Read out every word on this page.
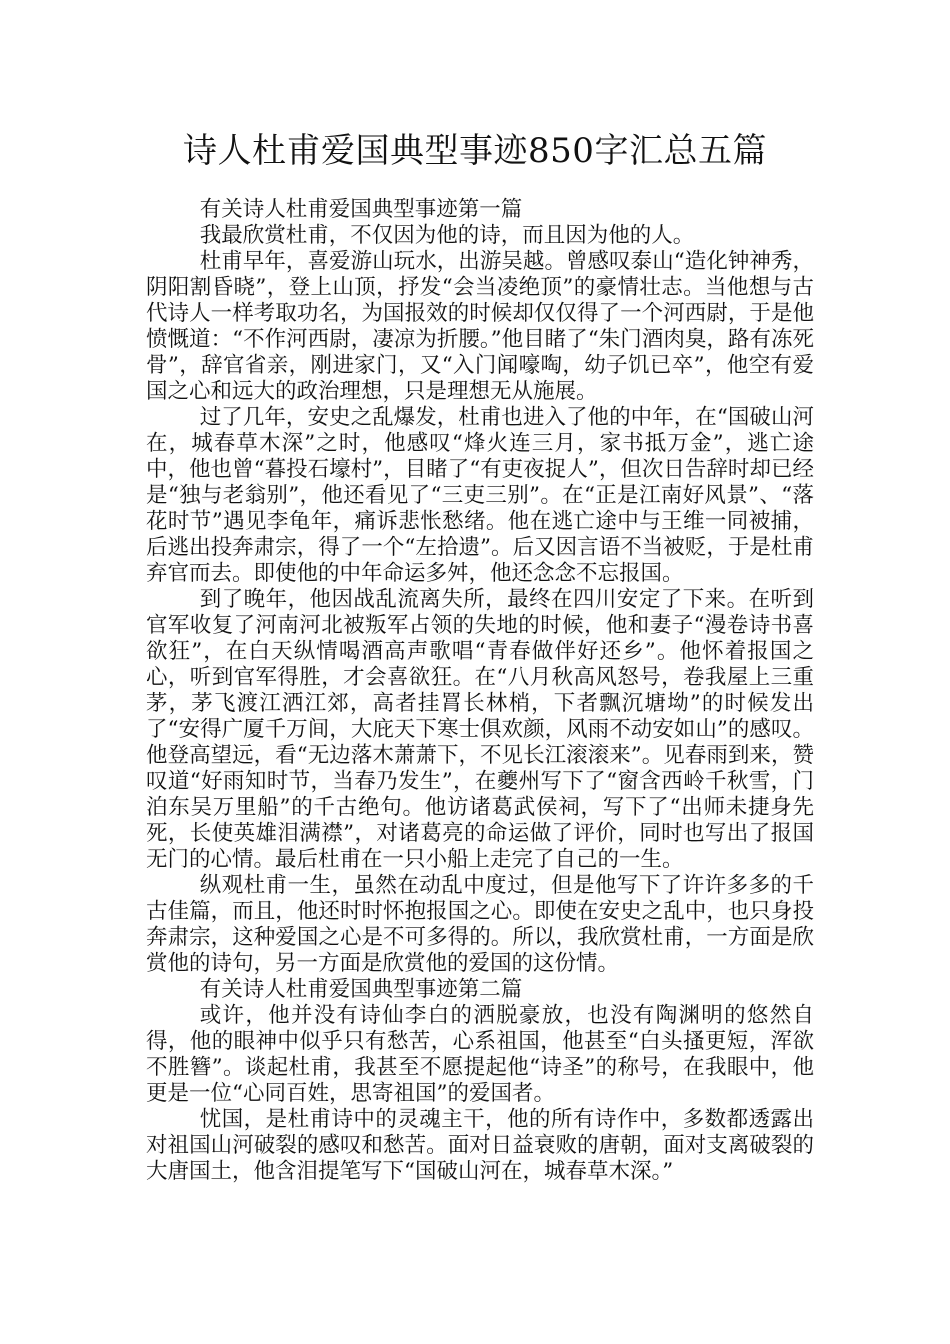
诗人杜甫爱国典型事迹850字汇总五篇

有关诗人杜甫爱国典型事迹第一篇

我最欣赏杜甫，不仅因为他的诗，而且因为他的人。

杜甫早年，喜爱游山玩水，出游吴越。曾感叹泰山“造化钟神秀，阴阳割昏晓”，登上山顶，抒发“会当凌绝顶”的豪情壮志。当他想与古代诗人一样考取功名，为国报效的时候却仅仅得了一个河西尉，于是他愤慨道：“不作河西尉，凄凉为折腰。”他目睹了“朱门酒肉臭，路有冻死骨”，辞官省亲，刚进家门，又“入门闻嚎啕，幼子饥已卒”，他空有爱国之心和远大的政治理想，只是理想无从施展。

过了几年，安史之乱爆发，杜甫也进入了他的中年，在“国破山河在，城春草木深”之时，他感叹“烽火连三月，家书抵万金”，逃亡途中，他也曾“暮投石壕村”，目睹了“有吏夜捉人”，但次日告辞时却已经是“独与老翁别”，他还看见了“三吏三别”。在“正是江南好风景”、“落花时节”遇见李龟年，痛诉悲怅愁绪。他在逃亡途中与王维一同被捕，后逃出投奔肃宗，得了一个“左拾遗”。后又因言语不当被贬，于是杜甫弃官而去。即使他的中年命运多舛，他还念念不忘报国。

到了晚年，他因战乱流离失所，最终在四川安定了下来。在听到官军收复了河南河北被叛军占领的失地的时候，他和妻子“漫卷诗书喜欲狂”，在白天纵情喝酒高声歌唱“青春做伴好还乡”。他怀着报国之心，听到官军得胜，才会喜欲狂。在“八月秋高风怒号，卷我屋上三重茅，茅飞渡江洒江郊，高者挂罥长林梢，下者飘沉塘坳”的时候发出了“安得广厦千万间，大庇天下寒士俱欢颜，风雨不动安如山”的感叹。他登高望远，看“无边落木萧萧下，不见长江滚滚来”。见春雨到来，赞叹道“好雨知时节，当春乃发生”，在夔州写下了“窗含西岭千秋雪，门泊东吴万里船”的千古绝句。他访诸葛武侯祠，写下了“出师未捷身先死，长使英雄泪满襟”，对诸葛亮的命运做了评价，同时也写出了报国无门的心情。最后杜甫在一只小船上走完了自己的一生。

纵观杜甫一生，虽然在动乱中度过，但是他写下了许许多多的千古佳篇，而且，他还时时怀抱报国之心。即使在安史之乱中，也只身投奔肃宗，这种爱国之心是不可多得的。所以，我欣赏杜甫，一方面是欣赏他的诗句，另一方面是欣赏他的爱国的这份情。

有关诗人杜甫爱国典型事迹第二篇

或许，他并没有诗仙李白的洒脱豪放，也没有陶渊明的悠然自得，他的眼神中似乎只有愁苦，心系祖国，他甚至“白头搔更短，浑欲不胜簪”。谈起杜甫，我甚至不愿提起他“诗圣”的称号，在我眼中，他更是一位“心同百姓，思寄祖国”的爱国者。

忧国，是杜甫诗中的灵魂主干，他的所有诗作中，多数都透露出对祖国山河破裂的感叹和愁苦。面对日益衰败的唐朝，面对支离破裂的大唐国土，他含泪提笔写下“国破山河在，城春草木深。”
